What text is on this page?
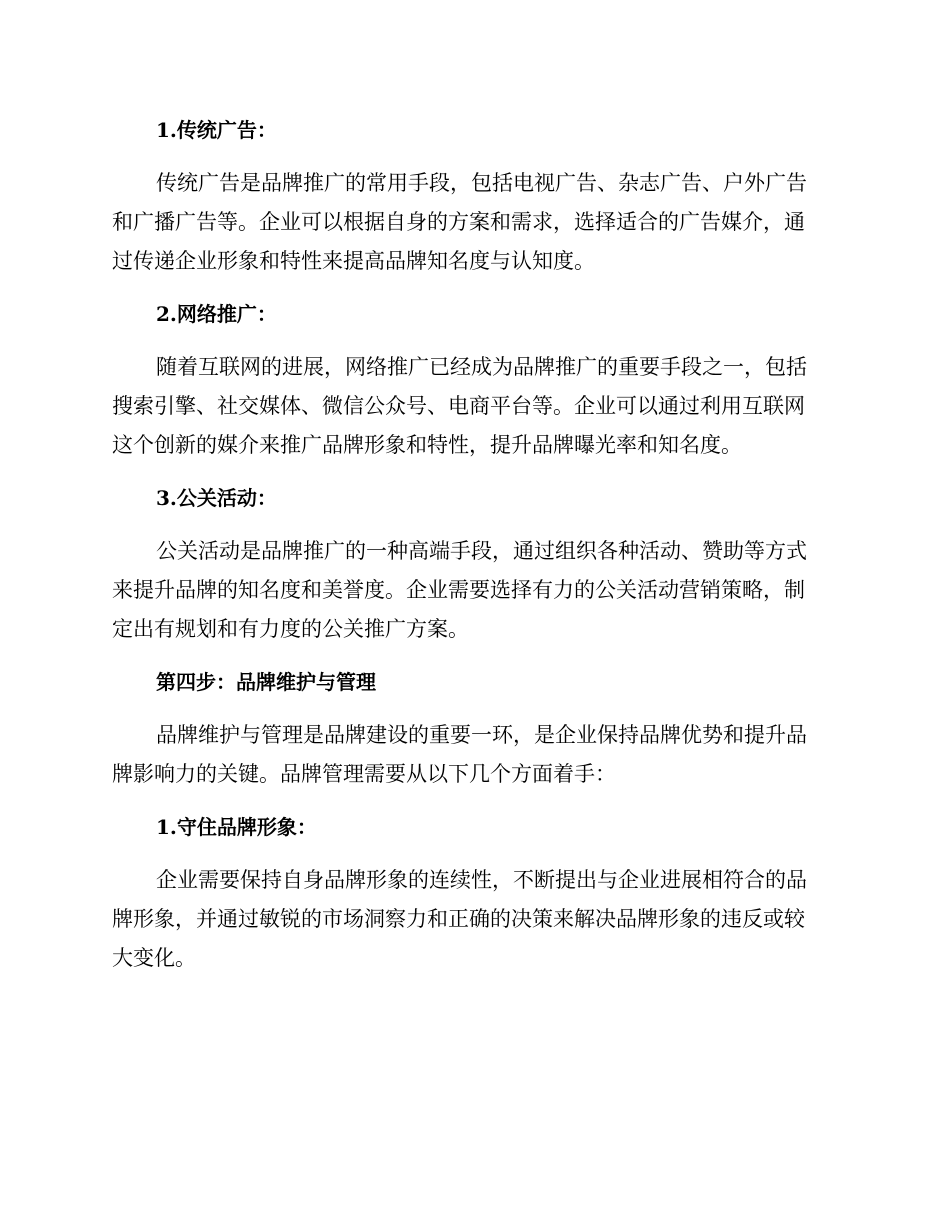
1.传统广告：

传统广告是品牌推广的常用手段，包括电视广告、杂志广告、户外广告
和广播广告等。企业可以根据自身的方案和需求，选择适合的广告媒介，通
过传递企业形象和特性来提高品牌知名度与认知度。

2.网络推广：

随着互联网的进展，网络推广已经成为品牌推广的重要手段之一，包括
搜索引擎、社交媒体、微信公众号、电商平台等。企业可以通过利用互联网
这个创新的媒介来推广品牌形象和特性，提升品牌曝光率和知名度。

3.公关活动：

公关活动是品牌推广的一种高端手段，通过组织各种活动、赞助等方式
来提升品牌的知名度和美誉度。企业需要选择有力的公关活动营销策略，制
定出有规划和有力度的公关推广方案。

第四步：品牌维护与管理

品牌维护与管理是品牌建设的重要一环，是企业保持品牌优势和提升品
牌影响力的关键。品牌管理需要从以下几个方面着手：

1.守住品牌形象：

企业需要保持自身品牌形象的连续性，不断提出与企业进展相符合的品
牌形象，并通过敏锐的市场洞察力和正确的决策来解决品牌形象的违反或较
大变化。
